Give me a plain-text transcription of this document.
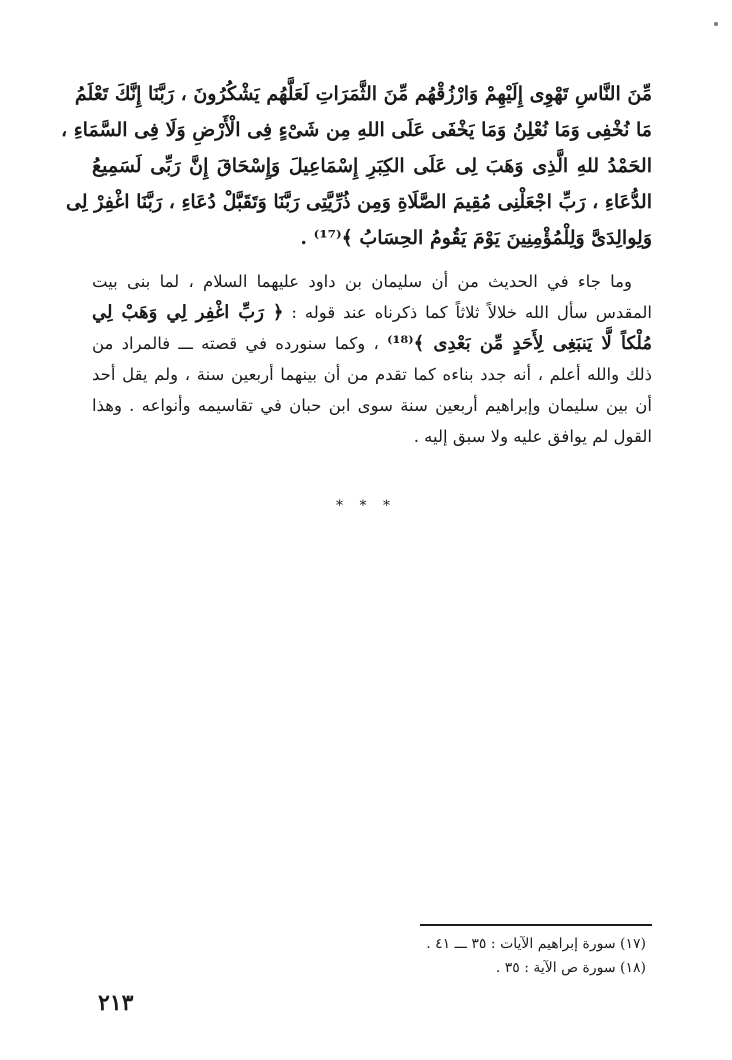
مِّنَ النَّاسِ تَهْوِى إِلَيْهِمْ وَارْزُقْهُم مِّنَ الثَّمَرَاتِ لَعَلَّهُم يَشْكُرُونَ ، رَبَّنَا إِنَّكَ تَعْلَمُ
مَا نُخْفِى وَمَا نُعْلِنُ وَمَا يَخْفَى عَلَى اللهِ مِن شَىْءٍ فِى الْأَرْضِ وَلَا فِى السَّمَاءِ ،
الحَمْدُ للهِ الَّذِى وَهَبَ لِى عَلَى الكِبَرِ إِسْمَاعِيلَ وَإِسْحَاقَ إِنَّ رَبِّى لَسَمِيعُ
الدُّعَاءِ ، رَبِّ اجْعَلْنِى مُقِيمَ الصَّلَاةِ وَمِن ذُرِّيَّتِى رَبَّنَا وَتَقَبَّلْ دُعَاءِ ، رَبَّنَا اغْفِرْ لِى
وَلِوالِدَىَّ وَلِلْمُؤْمِنِينَ يَوْمَ يَقُومُ الحِسَابُ ﴾⁽¹⁷⁾ .
وما جاء في الحديث من أن سليمان بن داود عليهما السلام ، لما بنى بيت
المقدس سأل الله خلالاً ثلاثاً كما ذكرناه عند قوله : ﴿ رَبِّ اغْفِر لِي وَهَبْ لِي
مُلْكاً لَّا يَنبَغِى لِأَحَدٍ مِّن بَعْدِى ﴾⁽¹⁸⁾ ، وكما سنورده في قصته ـــ فالمراد من
ذلك والله أعلم ، أنه جدد بناءه كما تقدم من أن بينهما أربعين سنة ، ولم يقل أحد
أن بين سليمان وإبراهيم أربعين سنة سوى ابن حبان في تقاسيمه وأنواعه . وهذا
القول لم يوافق عليه ولا سبق إليه .
* * *
(١٧) سورة إبراهيم الآيات : ٣٥ ـــ ٤١ .
(١٨) سورة ص الآية : ٣٥ .
٢١٣
